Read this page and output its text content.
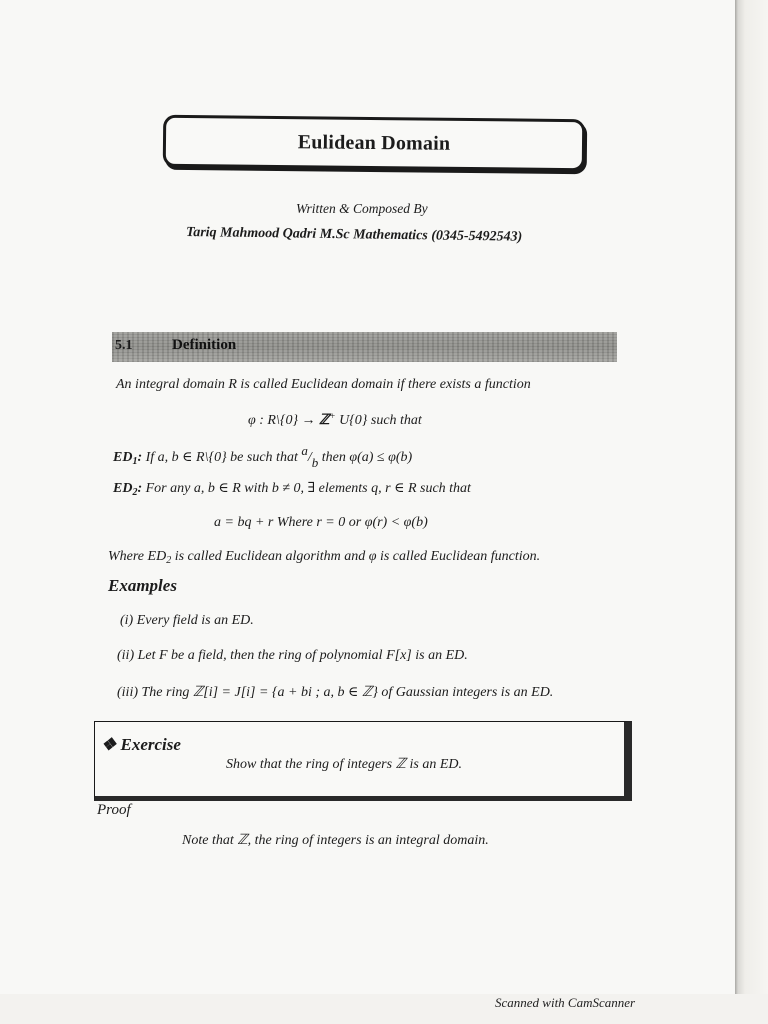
Eulidean Domain
Written & Composed By
Tariq Mahmood Qadri M.Sc Mathematics (0345-5492543)
5.1	Definition
An integral domain R is called Euclidean domain if there exists a function
φ : R\{0} → ℤ+ U{0} such that
$ED_1$: If a, b ∈ R\{0} be such that a/b then φ(a) ≤ φ(b)
$ED_2$: For any a, b ∈ R with b ≠ 0, ∃ elements q, r ∈ R such that
a = bq + r Where r = 0 or φ(r) < φ(b)
Where $ED_2$ is called Euclidean algorithm and φ is called Euclidean function.
Examples
(i) Every field is an ED.
(ii) Let F be a field, then the ring of polynomial F[x] is an ED.
(iii) The ring ℤ[i] = J[i] = {a + bi ; a, b ∈ ℤ} of Gaussian integers is an ED.
❖ Exercise
Show that the ring of integers ℤ is an ED.
Proof
Note that ℤ, the ring of integers is an integral domain.
Scanned with CamScanner
